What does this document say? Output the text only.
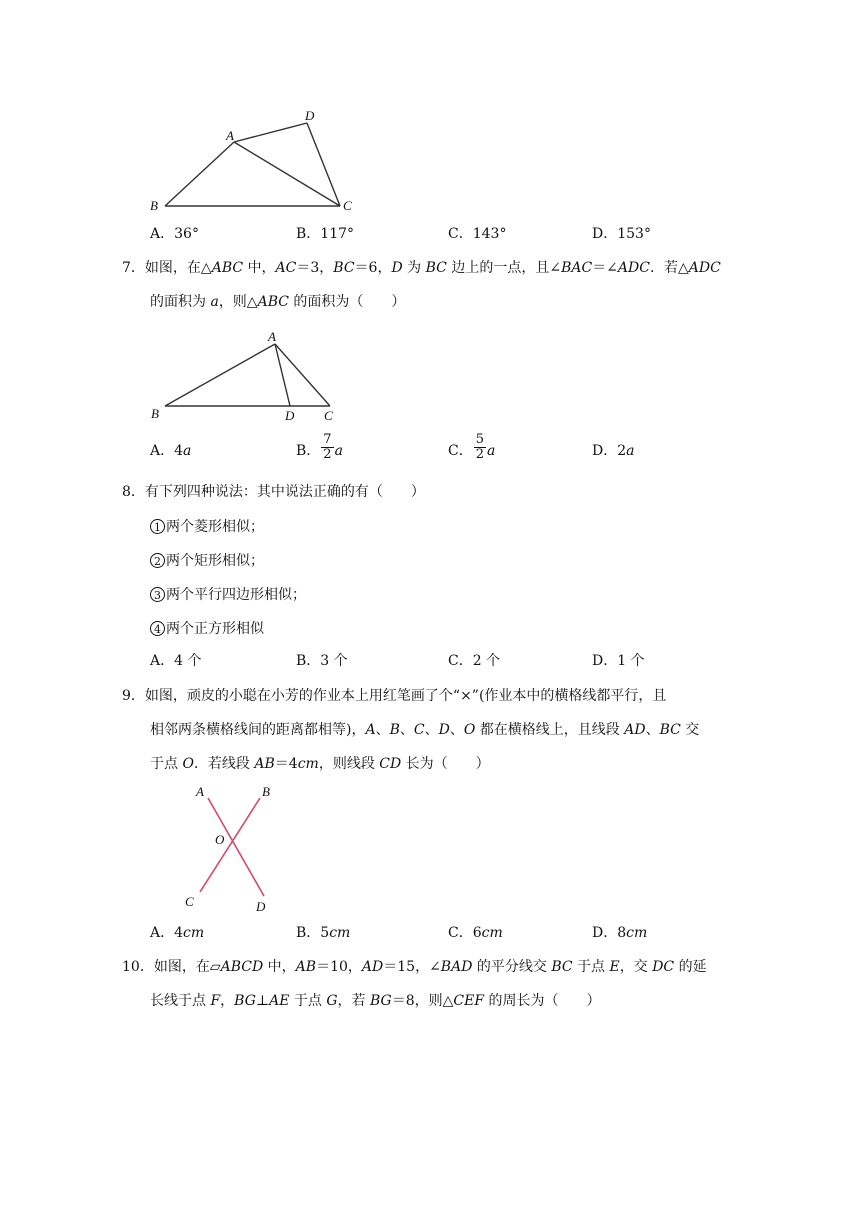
A
D
B	C
A．36°	B．117°	C．143°	D．153°
7．如图，在△ABC 中，AC＝3，BC＝6，D 为 BC 边上的一点，且∠BAC＝∠ADC．若△ADC
的面积为 a，则△ABC 的面积为（　　）
A
B	D C
A．4a	B． $\frac{7}{2}$ a	C． $\frac{5}{2}$ a	D．2a
8．有下列四种说法：其中说法正确的有（　　）
1 两个菱形相似；
2 两个矩形相似；
3 两个平行四边形相似；
4 两个正方形相似
A．4 个	B．3 个	C．2 个	D．1 个
9．如图，顽皮的小聪在小芳的作业本上用红笔画了个“×”(作业本中的横格线都平行，且
相邻两条横格线间的距离都相等)，A、B、C、D、O 都在横格线上，且线段 AD、BC 交
于点 O．若线段 AB＝4cm，则线段 CD 长为（　　）
A	B
O
C	D
A．4cm	B．5cm	C．6cm	D．8cm
10．如图，在▱ABCD 中，AB＝10，AD＝15，∠BAD 的平分线交 BC 于点 E，交 DC 的延
长线于点 F，BG⊥AE 于点 G，若 BG＝8，则△CEF 的周长为（　　）
